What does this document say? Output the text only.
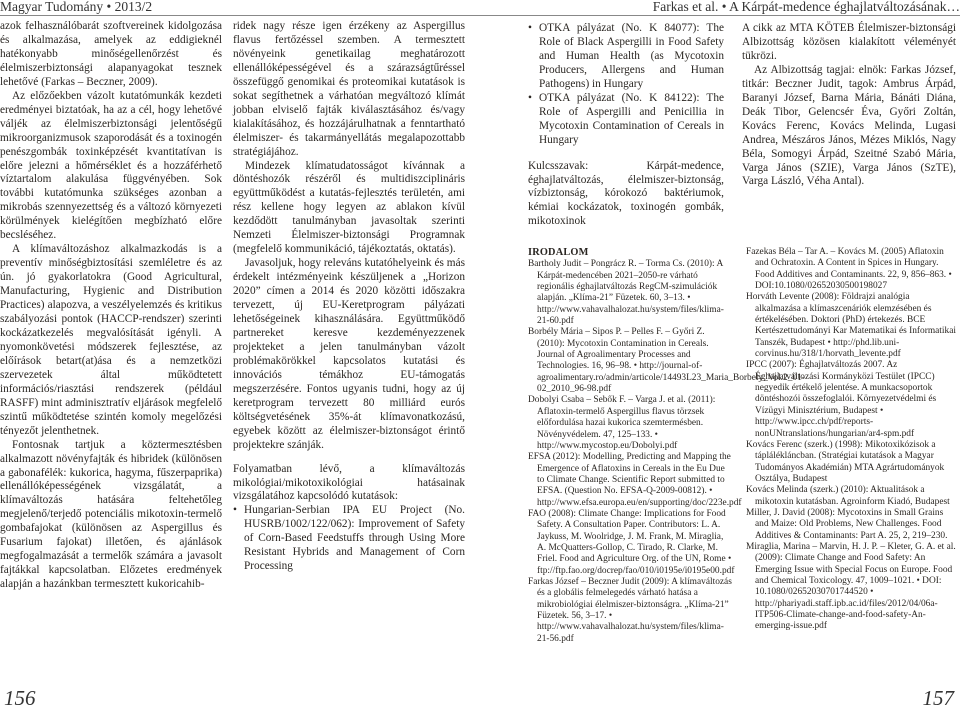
Magyar Tudomány • 2013/2

azok felhasználóbarát szoftvereinek kidolgozása és alkalmazása, amelyek az eddigieknél hatékonyabb minőségellenőrzést és élelmiszerbiztonsági alapanyagokat tesznek lehetővé (Farkas – Beczner, 2009).

Az előzőekben vázolt kutatómunkák kezdeti eredményei biztatóak, ha az a cél, hogy lehetővé váljék az élelmiszerbiztonsági jelentőségű mikroorganizmusok szaporodását és a toxinogén penészgombák toxinképzését kvantitatívan is előre jelezni a hőmérséklet és a hozzáférhető víztartalom alakulása függvényében. Sok további kutatómunka szükséges azonban a mikrobás szennyezettség és a változó környezeti körülmények kielégítően megbízható előre becsléséhez.

A klímaváltozáshoz alkalmazkodás is a preventív minőségbiztosítási szemléletre és az ún. jó gyakorlatokra (Good Agricultural, Manufacturing, Hygienic and Distribution Practices) alapozva, a veszélyelemzés és kritikus szabályozási pontok (HACCP-rendszer) szerinti kockázatkezelés megvalósítását igényli. A nyomonkövetési módszerek fejlesztése, az előírások betart(at)ása és a nemzetközi szervezetek által működtetett információs/riasztási rendszerek (például RASFF) mint adminisztratív eljárások megfelelő szintű működtetése szintén komoly megelőzési tényezőt jelenthetnek.

Fontosnak tartjuk a köztermesztésben alkalmazott növényfajták és hibridek (különösen a gabonafélék: kukorica, hagyma, fűszerpaprika) ellenállóképességének vizsgálatát, a klímaváltozás hatására feltehetőleg megjelenő/terjedő potenciális mikotoxin-termelő gombafajokat (különösen az Aspergillus és Fusarium fajokat) illetően, és ajánlások megfogalmazását a termelők számára a javasolt fajtákkal kapcsolatban. Előzetes eredmények alapján a hazánkban termesztett kukoricahib-

ridek nagy része igen érzékeny az Aspergillus flavus fertőzéssel szemben. A termesztett növényeink genetikailag meghatározott ellenállóképességével és a szárazságtűréssel összefüggő genomikai és proteomikai kutatások is sokat segíthetnek a várhatóan megváltozó klímát jobban elviselő fajták kiválasztásához és/vagy kialakításához, és hozzájárulhatnak a fenntartható élelmiszer- és takarmányellátás megalapozottabb stratégiájához.

Mindezek klímatudatosságot kívánnak a döntéshozók részéről és multidiszciplináris együttműködést a kutatás-fejlesztés területén, ami rész kellene hogy legyen az ablakon kívül kezdődött tanulmányban javasoltak szerinti Nemzeti Élelmiszer-biztonsági Programnak (megfelelő kommunikáció, tájékoztatás, oktatás).

Javasoljuk, hogy releváns kutatóhelyeink és más érdekelt intézményeink készüljenek a „Horizon 2020” címen a 2014 és 2020 közötti időszakra tervezett, új EU-Keretprogram pályázati lehetőségeinek kihasználására. Együttműködő partnereket keresve kezdeményezzenek projekteket a jelen tanulmányban vázolt problémakörökkel kapcsolatos kutatási és innovációs témákhoz EU-támogatás megszerzésére. Fontos ugyanis tudni, hogy az új keretprogram tervezett 80 milliárd eurós költségvetésének 35%-át klímavonatkozású, egyebek között az élelmiszer-biztonságot érintő projektekre szánják.

Folyamatban lévő, a klímaváltozás mikológiai/mikotoxikológiai hatásainak vizsgálatához kapcsolódó kutatások:

• Hungarian-Serbian IPA EU Project (No. HUSRB/1002/122/062): Improvement of Safety of Corn-Based Feedstuffs through Using More Resistant Hybrids and Management of Corn Processing
156
Farkas et al. • A Kárpát-medence éghajlatváltozásának…
• OTKA pályázat (No. K 84077): The Role of Black Aspergilli in Food Safety and Human Health (as Mycotoxin Producers, Allergens and Human Pathogens) in Hungary
• OTKA pályázat (No. K 84122): The Role of Aspergilli and Penicillia in Mycotoxin Contamination of Cereals in Hungary

Kulcsszavak: Kárpát-medence, éghajlatváltozás, élelmiszer-biztonság, vízbiztonság, kórokozó baktériumok, kémiai kockázatok, toxinogén gombák, mikotoxinok

A cikk az MTA KÖTEB Élelmiszer-biztonsági Albizottság közösen kialakított véleményét tükrözi.

Az Albizottság tagjai: elnök: Farkas József, titkár: Beczner Judit, tagok: Ambrus Árpád, Baranyi József, Barna Mária, Bánáti Diána, Deák Tibor, Gelencsér Éva, Győri Zoltán, Kovács Ferenc, Kovács Melinda, Lugasi Andrea, Mészáros János, Mézes Miklós, Nagy Béla, Somogyi Árpád, Szeitné Szabó Mária, Varga János (SZIE), Varga János (SzTE), Varga László, Véha Antal).

IRODALOM

Bartholy Judit – Pongrácz R. – Torma Cs. (2010): A Kárpát-medencében 2021–2050-re várható regionális éghajlatváltozás RegCM-szimulációk alapján. „Klíma-21” Füzetek. 60, 3–13. • http://www.vahavalhalozat.hu/system/files/klima-21-60.pdf

Borbély Mária – Sipos P. – Pelles F. – Győri Z. (2010): Mycotoxin Contamination in Cereals. Journal of Agroalimentary Processes and Technologies. 16, 96–98. • http://journal-of-agroalimentary.ro/admin/articole/14493L23_Maria_Borbely_Vol.2_01-02_2010_96-98.pdf

Dobolyi Csaba – Sebők F. – Varga J. et al. (2011): Aflatoxin-termelő Aspergillus flavus törzsek előfordulása hazai kukorica szemtermésben. Növényvédelem. 47, 125–133. • http://www.mycostop.eu/Dobolyi.pdf

EFSA (2012): Modelling, Predicting and Mapping the Emergence of Aflatoxins in Cereals in the Eu Due to Climate Change. Scientific Report submitted to EFSA. (Question No. EFSA-Q-2009-00812). • http://www.efsa.europa.eu/en/supporting/doc/223e.pdf

FAO (2008): Climate Change: Implications for Food Safety. A Consultation Paper. Contributors: L. A. Jaykuss, M. Woolridge, J. M. Frank, M. Miraglia, A. McQuatters-Gollop, C. Tirado, R. Clarke, M. Friel. Food and Agriculture Org. of the UN, Rome • ftp://ftp.fao.org/docrep/fao/010/i0195e/i0195e00.pdf

Farkas József – Beczner Judit (2009): A klímaváltozás és a globális felmelegedés várható hatása a mikrobiológiai élelmiszer-biztonságra. „Klíma-21” Füzetek. 56, 3–17. • http://www.vahavalhalozat.hu/system/files/klima-21-56.pdf

Fazekas Béla – Tar A. – Kovács M. (2005) Aflatoxin and Ochratoxin. A Content in Spices in Hungary. Food Additives and Contaminants. 22, 9, 856–863. • DOI:10.1080/02652030500198027

Horváth Levente (2008): Földrajzi analógia alkalmazása a klímaszcenáriók elemzésében és értékelésében. Doktori (PhD) értekezés. BCE Kertészettudományi Kar Matematikai és Informatikai Tanszék, Budapest • http://phd.lib.uni-corvinus.hu/318/1/horvath_levente.pdf

IPCC (2007): Éghajlatváltozás 2007. Az Éghajlatváltozási Kormányközi Testület (IPCC) negyedik értékelő jelentése. A munkacsoportok döntéshozói összefoglalói. Környezetvédelmi és Vízügyi Minisztérium, Budapest • http://www.ipcc.ch/pdf/reports-nonUNtranslations/hungarian/ar4-spm.pdf

Kovács Ferenc (szerk.) (1998): Mikotoxikózisok a táplálékláncban. (Stratégiai kutatások a Magyar Tudományos Akadémián) MTA Agrártudományok Osztálya, Budapest

Kovács Melinda (szerk.) (2010): Aktualitások a mikotoxin kutatásban. Agroinform Kiadó, Budapest

Miller, J. David (2008): Mycotoxins in Small Grains and Maize: Old Problems, New Challenges. Food Additives & Contaminants: Part A. 25, 2, 219–230.

Miraglia, Marina – Marvin, H. J. P. – Kleter, G. A. et al. (2009): Climate Change and Food Safety: An Emerging Issue with Special Focus on Europe. Food and Chemical Toxicology. 47, 1009–1021. • DOI: 10.1080/02652030701744520 • http://phariyadi.staff.ipb.ac.id/files/2012/04/06a-ITP506-Climate-change-and-food-safety-An-emerging-issue.pdf

157
